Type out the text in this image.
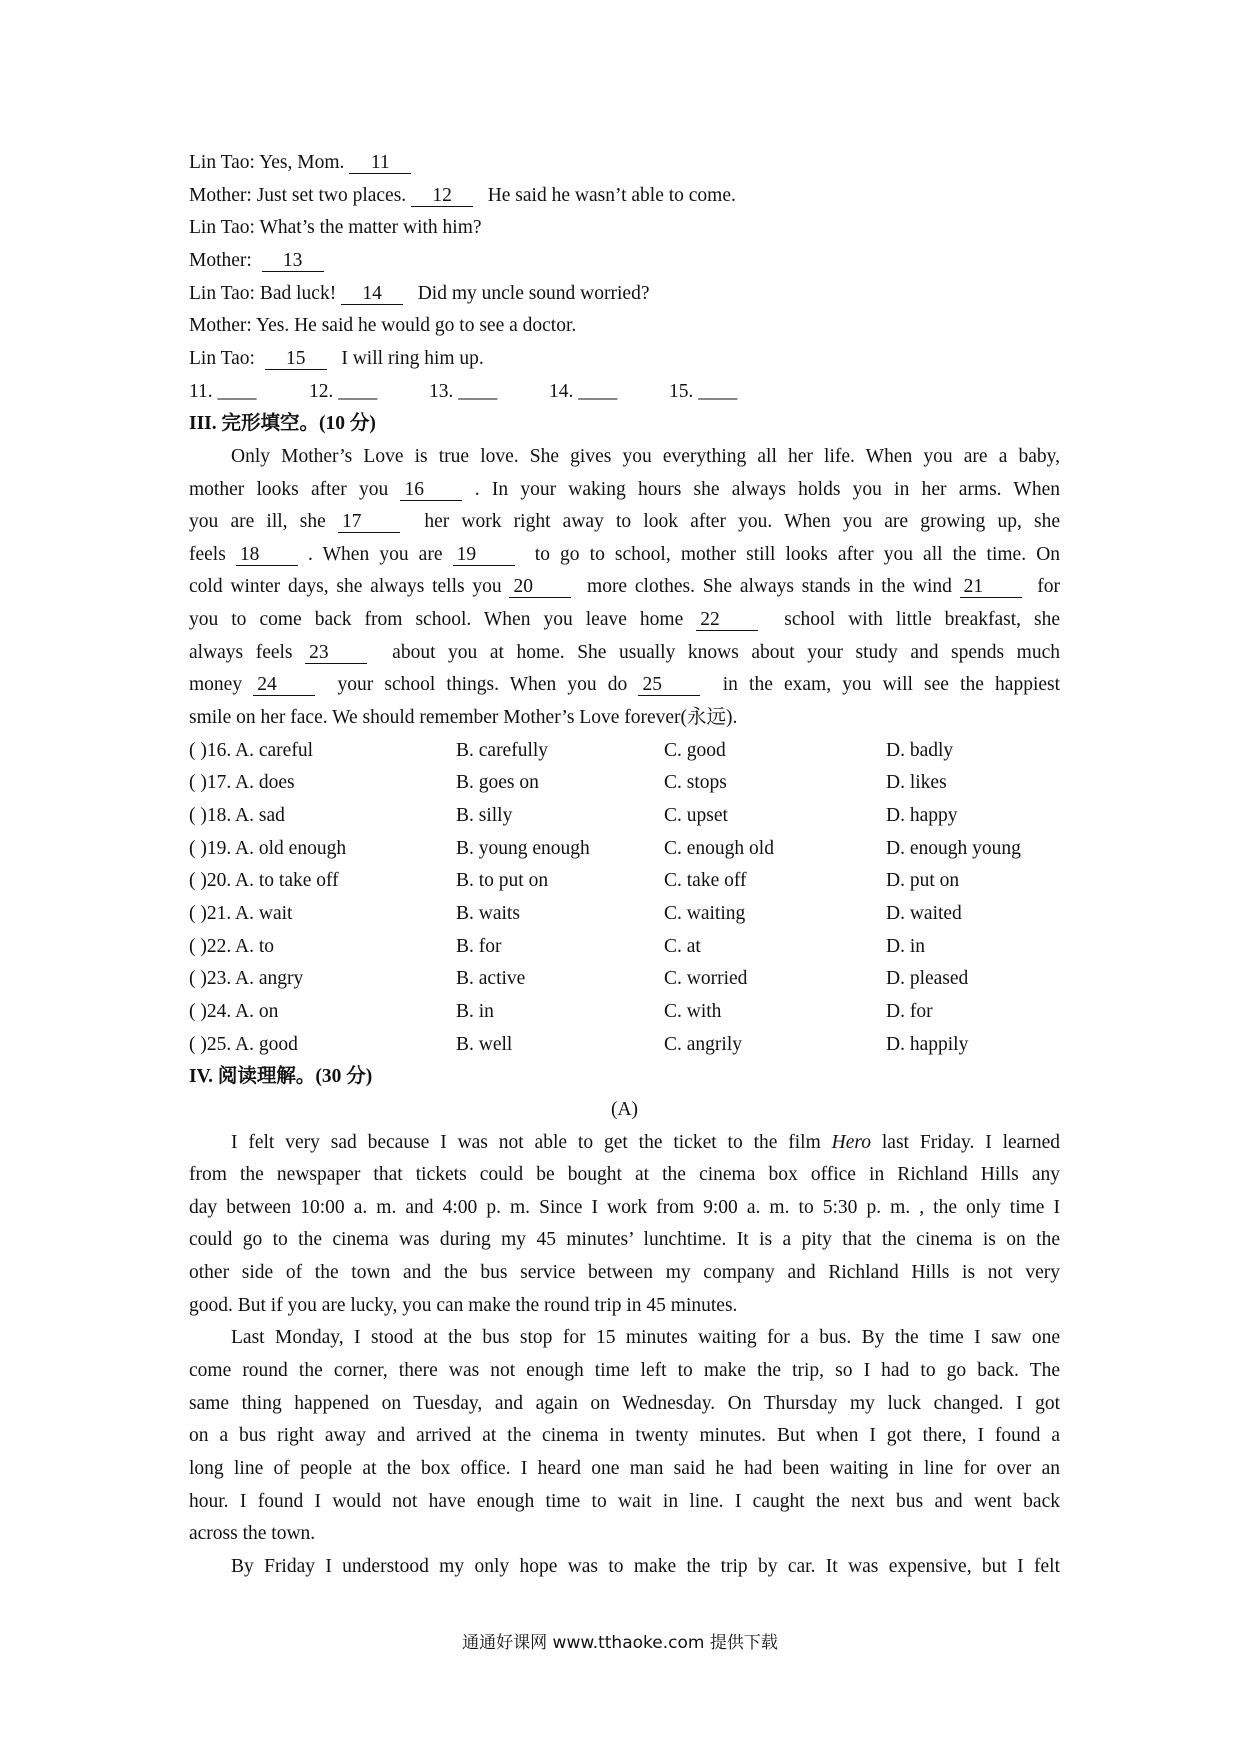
Lin Tao: Yes, Mom. 11
Mother: Just set two places. 12   He said he wasn’t able to come.
Lin Tao: What’s the matter with him?
Mother:  13
Lin Tao: Bad luck! 14   Did my uncle sound worried?
Mother: Yes. He said he would go to see a doctor.
Lin Tao:  15   I will ring him up.
11. ____	12. ____	13. ____	14. ____	15. ____
III. 完形填空。(10 分)
Only Mother’s Love is true love. She gives you everything all her life. When you are a baby,
mother looks after you 16	. In your waking hours she always holds you in her arms. When
you are ill, she 17	her work right away to look after you. When you are growing up, she
feels 18 . When you are 19  to go to school, mother still looks after you all the time. On
cold winter days, she always tells you 20  more clothes. She always stands in the wind 21  for
you to come back from school. When you leave home 22	school with little breakfast, she
always feels 23	about you at home. She usually knows about your study and spends much
money 24	your school things. When you do 25	in the exam, you will see the happiest
smile on her face. We should remember Mother’s Love forever(永远).
( )16. A. careful	B. carefully	C. good	D. badly
( )17. A. does	B. goes on	C. stops	D. likes
( )18. A. sad	B. silly	C. upset	D. happy
( )19. A. old enough	B. young enough	C. enough old	D. enough young
( )20. A. to take off	B. to put on	C. take off	D. put on
( )21. A. wait	B. waits	C. waiting	D. waited
( )22. A. to	B. for	C. at	D. in
( )23. A. angry	B. active	C. worried	D. pleased
( )24. A. on	B. in	C. with	D. for
( )25. A. good	B. well	C. angrily	D. happily
IV. 阅读理解。(30 分)
(A)
I felt very sad because I was not able to get the ticket to the film Hero last Friday. I learned
from the newspaper that tickets could be bought at the cinema box office in Richland Hills any
day between 10:00 a. m. and 4:00 p. m. Since I work from 9:00 a. m. to 5:30 p. m. , the only time I
could go to the cinema was during my 45 minutes’ lunchtime. It is a pity that the cinema is on the
other side of the town and the bus service between my company and Richland Hills is not very
good. But if you are lucky, you can make the round trip in 45 minutes.
Last Monday, I stood at the bus stop for 15 minutes waiting for a bus. By the time I saw one
come round the corner, there was not enough time left to make the trip, so I had to go back. The
same thing happened on Tuesday, and again on Wednesday. On Thursday my luck changed. I got
on a bus right away and arrived at the cinema in twenty minutes. But when I got there, I found a
long line of people at the box office. I heard one man said he had been waiting in line for over an
hour. I found I would not have enough time to wait in line. I caught the next bus and went back
across the town.
By Friday I understood my only hope was to make the trip by car. It was expensive, but I felt
通通好课网 www.tthaoke.com 提供下载
